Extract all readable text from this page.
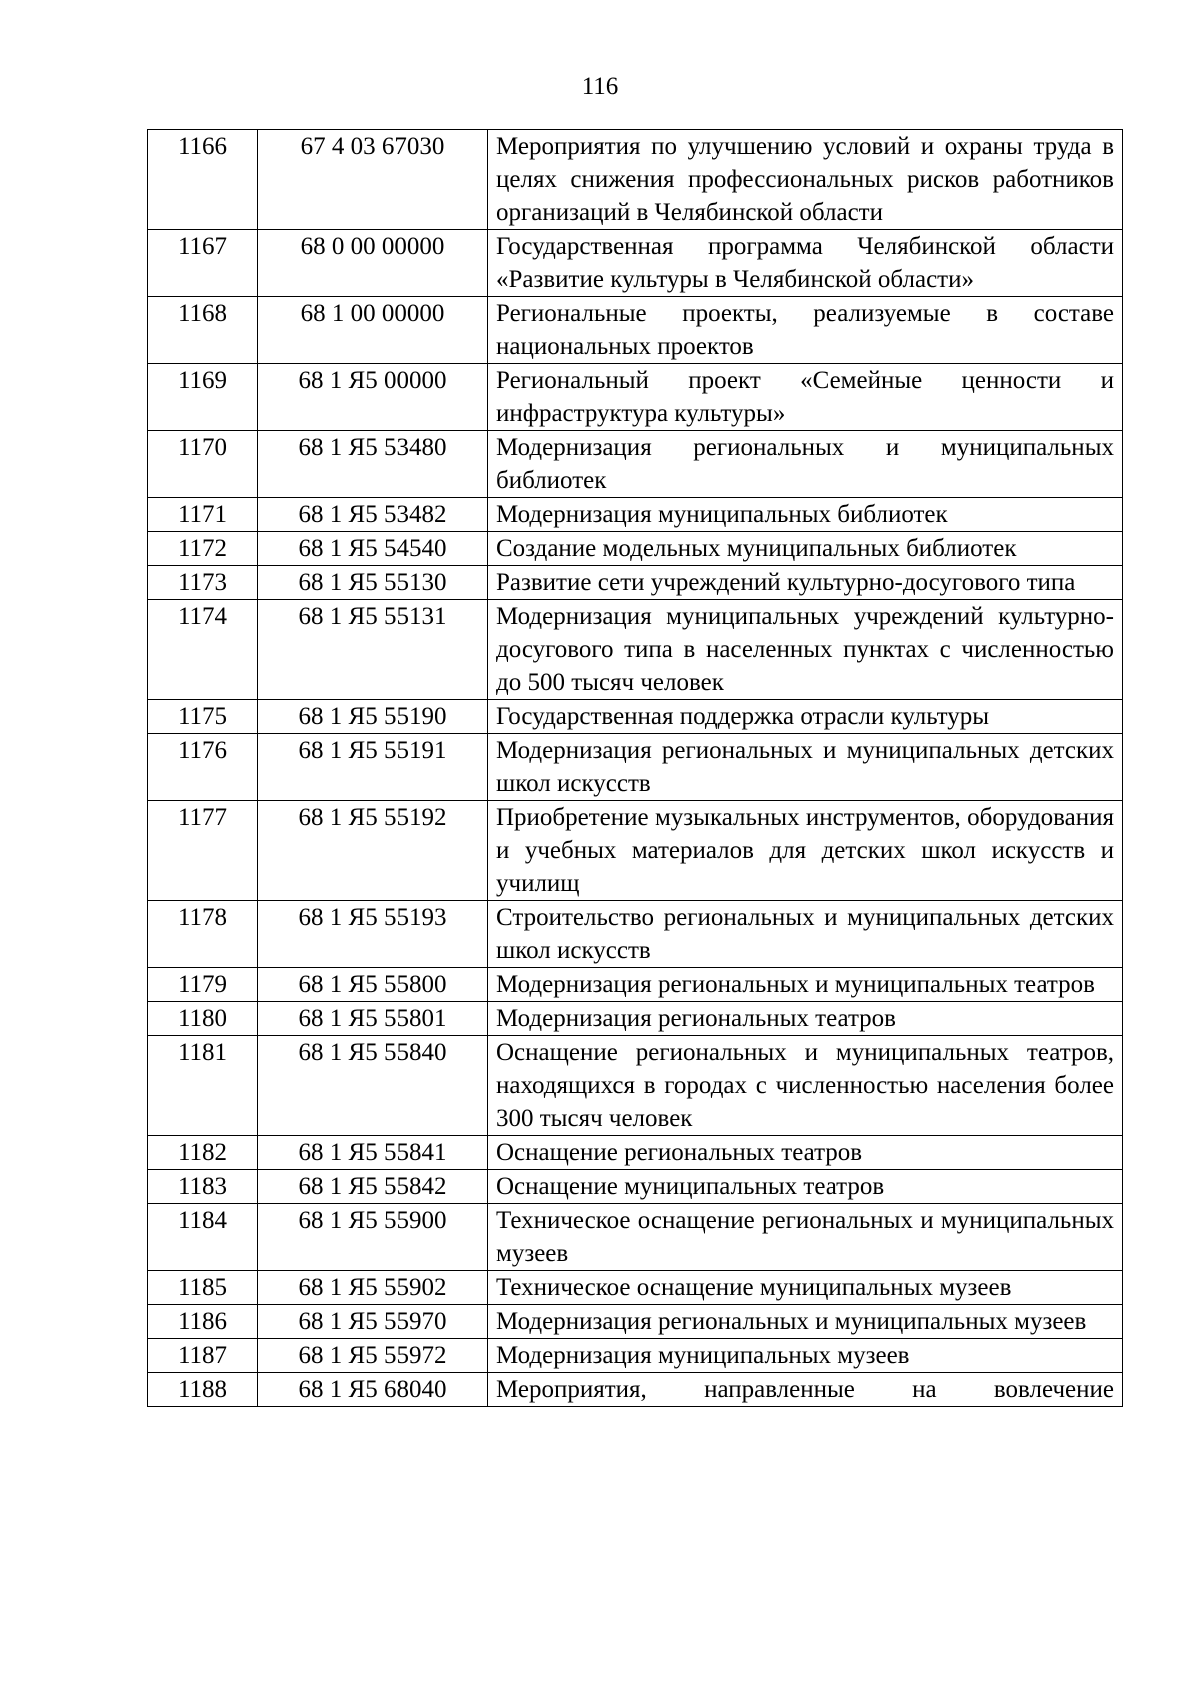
116
1166	67 4 03 67030	Мероприятия по улучшению условий и охраны труда в целях снижения профессиональных рисков работников организаций в Челябинской области
1167	68 0 00 00000	Государственная программа Челябинской области «Развитие культуры в Челябинской области»
1168	68 1 00 00000	Региональные проекты, реализуемые в составе национальных проектов
1169	68 1 Я5 00000	Региональный проект «Семейные ценности и инфраструктура культуры»
1170	68 1 Я5 53480	Модернизация региональных и муниципальных библиотек
1171	68 1 Я5 53482	Модернизация муниципальных библиотек
1172	68 1 Я5 54540	Создание модельных муниципальных библиотек
1173	68 1 Я5 55130	Развитие сети учреждений культурно-досугового типа
1174	68 1 Я5 55131	Модернизация муниципальных учреждений культурно-досугового типа в населенных пунктах с численностью до 500 тысяч человек
1175	68 1 Я5 55190	Государственная поддержка отрасли культуры
1176	68 1 Я5 55191	Модернизация региональных и муниципальных детских школ искусств
1177	68 1 Я5 55192	Приобретение музыкальных инструментов, оборудования и учебных материалов для детских школ искусств и училищ
1178	68 1 Я5 55193	Строительство региональных и муниципальных детских школ искусств
1179	68 1 Я5 55800	Модернизация региональных и муниципальных театров
1180	68 1 Я5 55801	Модернизация региональных театров
1181	68 1 Я5 55840	Оснащение региональных и муниципальных театров, находящихся в городах с численностью населения более 300 тысяч человек
1182	68 1 Я5 55841	Оснащение региональных театров
1183	68 1 Я5 55842	Оснащение муниципальных театров
1184	68 1 Я5 55900	Техническое оснащение региональных и муниципальных музеев
1185	68 1 Я5 55902	Техническое оснащение муниципальных музеев
1186	68 1 Я5 55970	Модернизация региональных и муниципальных музеев
1187	68 1 Я5 55972	Модернизация муниципальных музеев
1188	68 1 Я5 68040	Мероприятия, направленные на вовлечение
